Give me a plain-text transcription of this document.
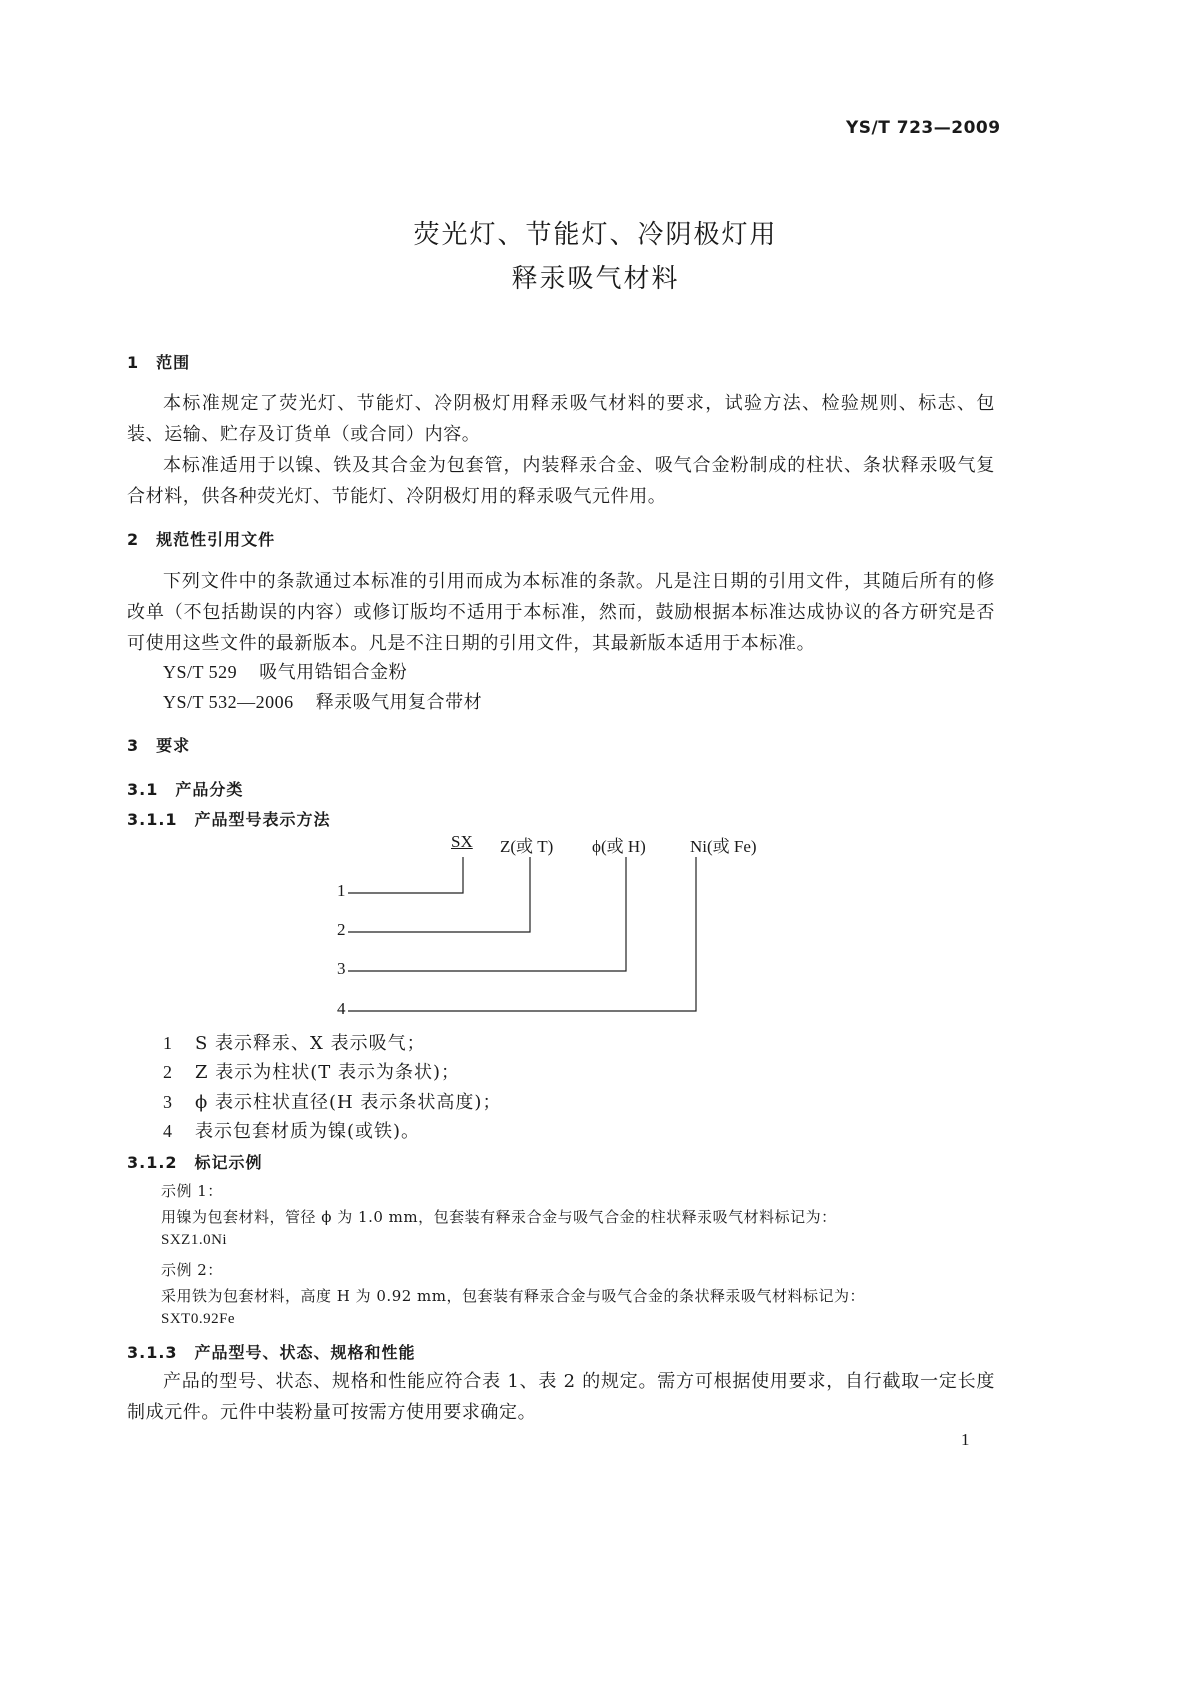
YS/T 723—2009
荧光灯、节能灯、冷阴极灯用
释汞吸气材料
1　范围
本标准规定了荧光灯、节能灯、冷阴极灯用释汞吸气材料的要求，试验方法、检验规则、标志、包装、运输、贮存及订货单（或合同）内容。
本标准适用于以镍、铁及其合金为包套管，内装释汞合金、吸气合金粉制成的柱状、条状释汞吸气复合材料，供各种荧光灯、节能灯、冷阴极灯用的释汞吸气元件用。
2　规范性引用文件
下列文件中的条款通过本标准的引用而成为本标准的条款。凡是注日期的引用文件，其随后所有的修改单（不包括勘误的内容）或修订版均不适用于本标准，然而，鼓励根据本标准达成协议的各方研究是否可使用这些文件的最新版本。凡是不注日期的引用文件，其最新版本适用于本标准。
YS/T 529 吸气用锆铝合金粉
YS/T 532—2006 释汞吸气用复合带材
3　要求
3.1　产品分类
3.1.1　产品型号表示方法
SX Z(或 T) ϕ(或 H)	Ni(或 Fe)
1
2
3
4
1 S 表示释汞、X 表示吸气；
2 Z 表示为柱状(T 表示为条状)；
3 ϕ 表示柱状直径(H 表示条状高度)；
4 表示包套材质为镍(或铁)。
3.1.2　标记示例
示例 1：
用镍为包套材料，管径 ϕ 为 1.0 mm，包套装有释汞合金与吸气合金的柱状释汞吸气材料标记为：
SXZ1.0Ni
示例 2：
采用铁为包套材料，高度 H 为 0.92 mm，包套装有释汞合金与吸气合金的条状释汞吸气材料标记为：
SXT0.92Fe
3.1.3　产品型号、状态、规格和性能
产品的型号、状态、规格和性能应符合表 1、表 2 的规定。需方可根据使用要求，自行截取一定长度制成元件。元件中装粉量可按需方使用要求确定。
1
